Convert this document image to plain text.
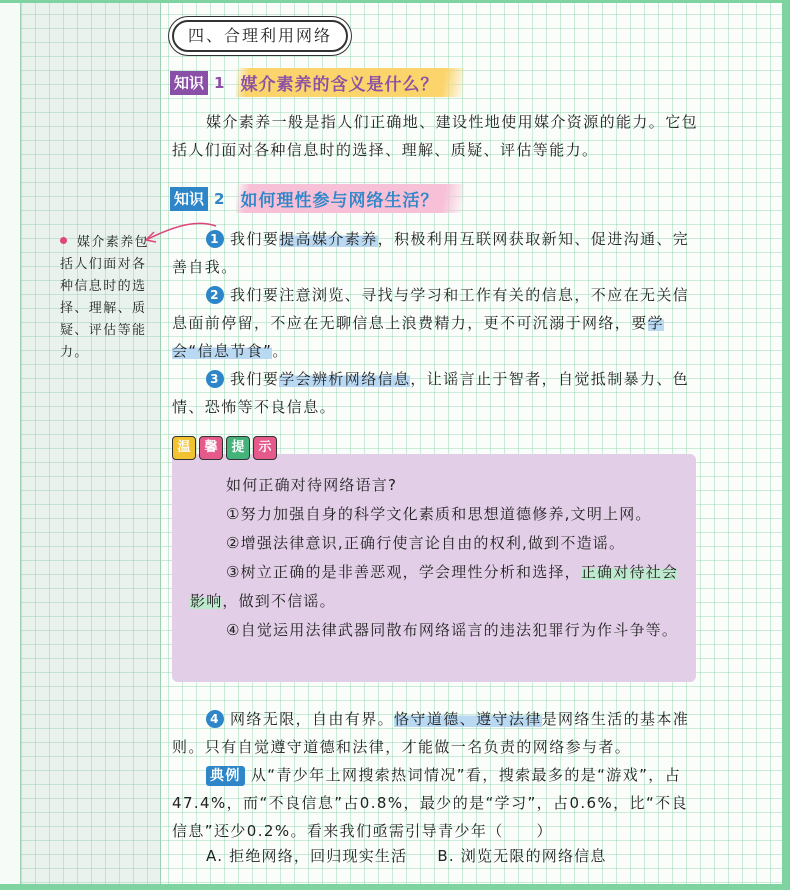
四、合理利用网络
知识 1 媒介素养的含义是什么？
媒介素养一般是指人们正确地、建设性地使用媒介资源的能力。它包括人们面对各种信息时的选择、理解、质疑、评估等能力。
知识 2 如何理性参与网络生活？
1 我们要提高媒介素养，积极利用互联网获取新知、促进沟通、完善自我。
2 我们要注意浏览、寻找与学习和工作有关的信息，不应在无关信息面前停留，不应在无聊信息上浪费精力，更不可沉溺于网络，要学会“信息节食”。
3 我们要学会辨析网络信息，让谣言止于智者，自觉抵制暴力、色情、恐怖等不良信息。
媒介素养包括人们面对各种信息时的选择、理解、质疑、评估等能力。
温	馨	提	示
如何正确对待网络语言?
①努力加强自身的科学文化素质和思想道德修养,文明上网。
②增强法律意识,正确行使言论自由的权利,做到不造谣。
③树立正确的是非善恶观，学会理性分析和选择，正确对待社会影响，做到不信谣。
④自觉运用法律武器同散布网络谣言的违法犯罪行为作斗争等。
4 网络无限，自由有界。恪守道德、遵守法律是网络生活的基本准则。只有自觉遵守道德和法律，才能做一名负责的网络参与者。
典例 从“青少年上网搜索热词情况”看，搜索最多的是“游戏”，占47.4%，而“不良信息”占0.8%，最少的是“学习”，占0.6%，比“不良信息”还少0.2%。看来我们亟需引导青少年（　　）
A. 拒绝网络，回归现实生活 B. 浏览无限的网络信息
